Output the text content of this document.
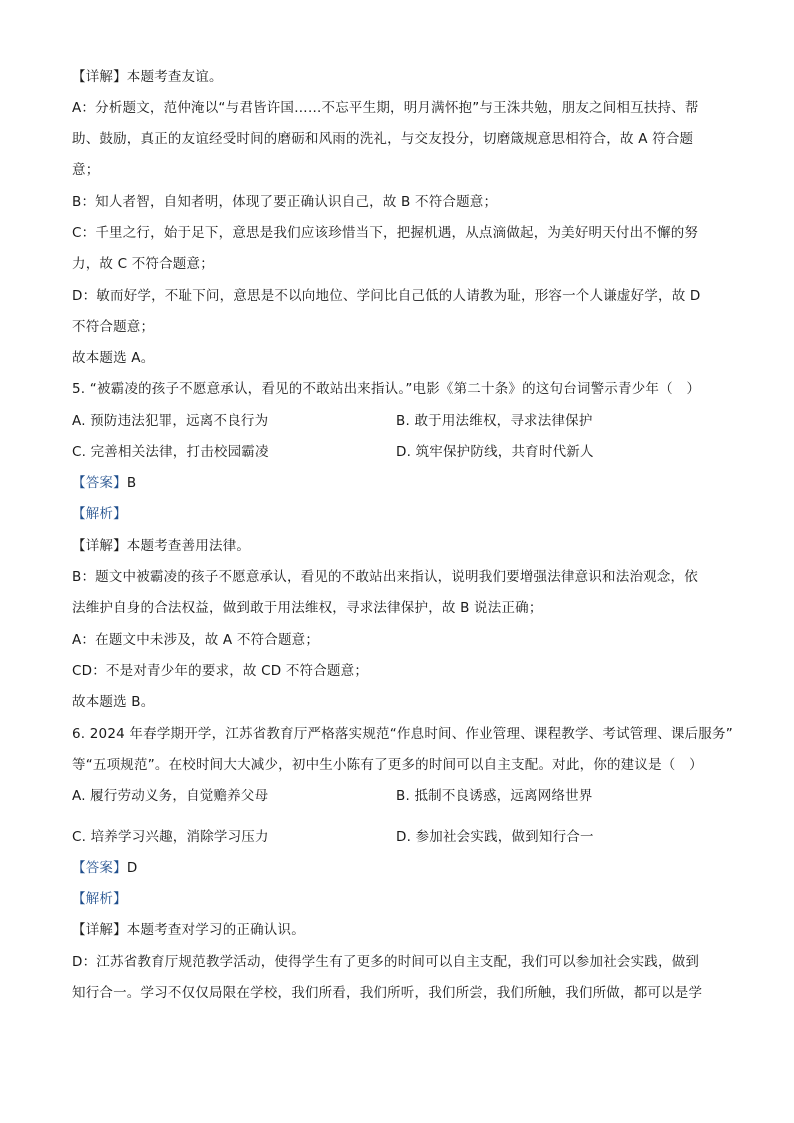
【详解】本题考查友谊。
A：分析题文，范仲淹以“与君皆许国……不忘平生期，明月满怀抱”与王洙共勉，朋友之间相互扶持、帮
助、鼓励，真正的友谊经受时间的磨砺和风雨的洗礼，与交友投分，切磨箴规意思相符合，故 A 符合题
意；
B：知人者智，自知者明，体现了要正确认识自己，故 B 不符合题意；
C：千里之行，始于足下，意思是我们应该珍惜当下，把握机遇，从点滴做起，为美好明天付出不懈的努
力，故 C 不符合题意；
D：敏而好学，不耻下问，意思是不以向地位、学问比自己低的人请教为耻，形容一个人谦虚好学，故 D
不符合题意；
故本题选 A。
5. “被霸凌的孩子不愿意承认，看见的不敢站出来指认。”电影《第二十条》的这句台词警示青少年（　）
A. 预防违法犯罪，远离不良行为	B. 敢于用法维权，寻求法律保护
C. 完善相关法律，打击校园霸凌	D. 筑牢保护防线，共育时代新人
【答案】B
【解析】
【详解】本题考查善用法律。
B：题文中被霸凌的孩子不愿意承认，看见的不敢站出来指认，说明我们要增强法律意识和法治观念，依
法维护自身的合法权益，做到敢于用法维权，寻求法律保护，故 B 说法正确；
A：在题文中未涉及，故 A 不符合题意；
CD：不是对青少年的要求，故 CD 不符合题意；
故本题选 B。
6. 2024 年春学期开学，江苏省教育厅严格落实规范“作息时间、作业管理、课程教学、考试管理、课后服务”
等“五项规范”。在校时间大大减少，初中生小陈有了更多的时间可以自主支配。对此，你的建议是（　）
A. 履行劳动义务，自觉赡养父母	B. 抵制不良诱惑，远离网络世界
C. 培养学习兴趣，消除学习压力	D. 参加社会实践，做到知行合一
【答案】D
【解析】
【详解】本题考查对学习的正确认识。
D：江苏省教育厅规范教学活动，使得学生有了更多的时间可以自主支配，我们可以参加社会实践，做到
知行合一。学习不仅仅局限在学校，我们所看，我们所听，我们所尝，我们所触，我们所做，都可以是学
